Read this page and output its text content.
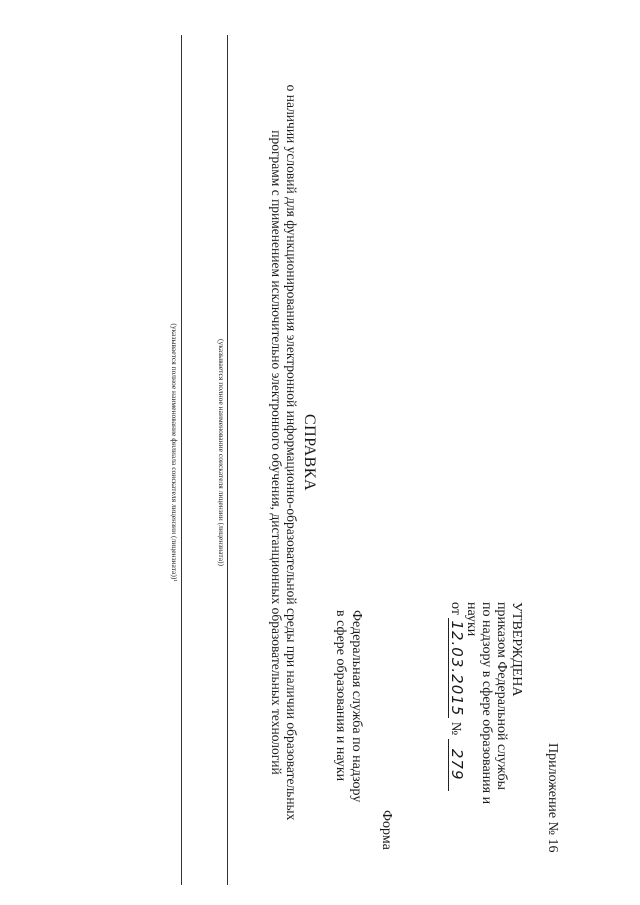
Приложение № 16
УТВЕРЖДЕНА
приказом Федеральной службы
по надзору в сфере образования и
науки
от 12.03.2015 № 279
Форма
Федеральная служба по надзору
в сфере образования и науки
СПРАВКА
о наличии условий для функционирования электронной информационно-образовательной среды при наличии образовательных программ с применением исключительно электронного обучения, дистанционных образовательных технологий
(указывается полное наименование соискателя лицензии (лицензиата))
(указывается полное наименование филиала соискателя лицензии (лицензиата))¹
